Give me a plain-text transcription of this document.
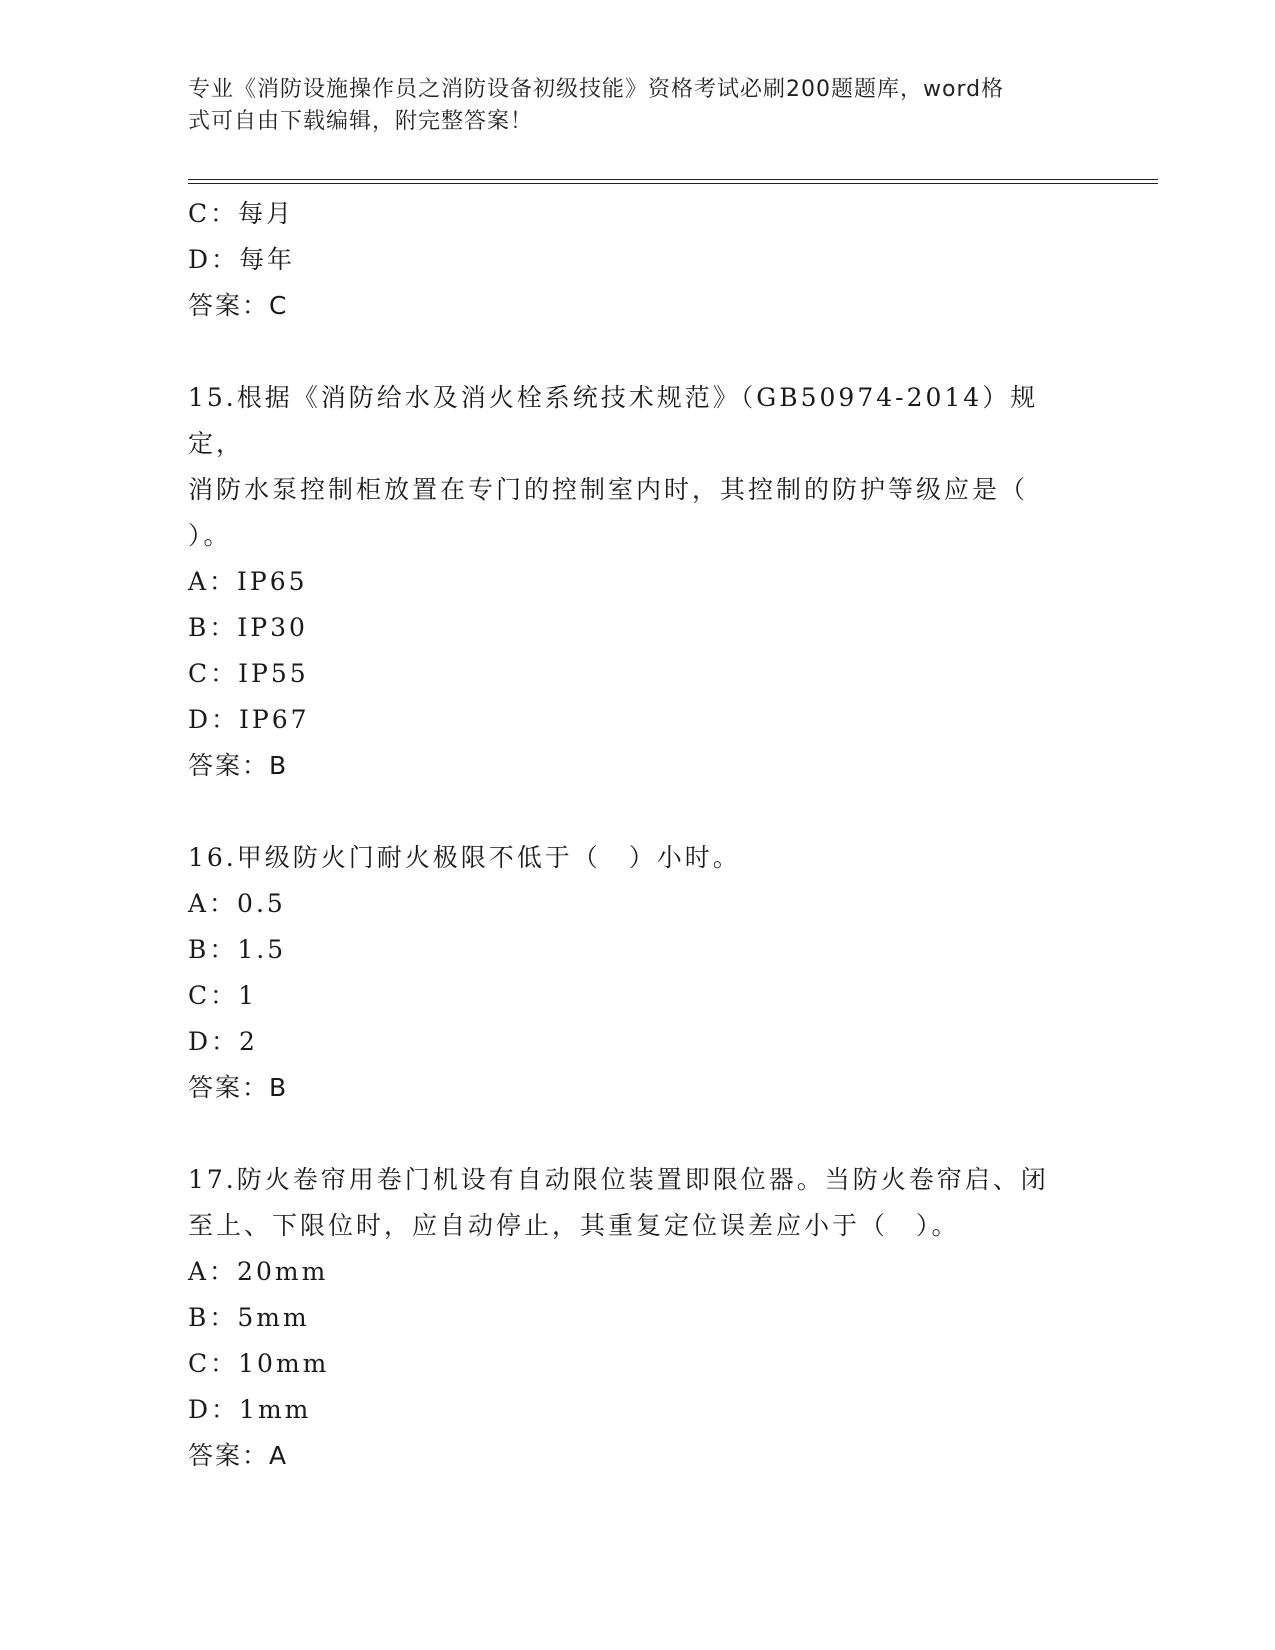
专业《消防设施操作员之消防设备初级技能》资格考试必刷200题题库，word格
式可自由下载编辑，附完整答案！
C：每月
D：每年
答案：C
15.根据《消防给水及消火栓系统技术规范》（GB50974-2014）规定，
消防水泵控制柜放置在专门的控制室内时，其控制的防护等级应是（
）。
A：IP65
B：IP30
C：IP55
D：IP67
答案：B
16.甲级防火门耐火极限不低于（　）小时。
A：0.5
B：1.5
C：1
D：2
答案：B
17.防火卷帘用卷门机设有自动限位装置即限位器。当防火卷帘启、闭
至上、下限位时，应自动停止，其重复定位误差应小于（　）。
A：20mm
B：5mm
C：10mm
D：1mm
答案：A
